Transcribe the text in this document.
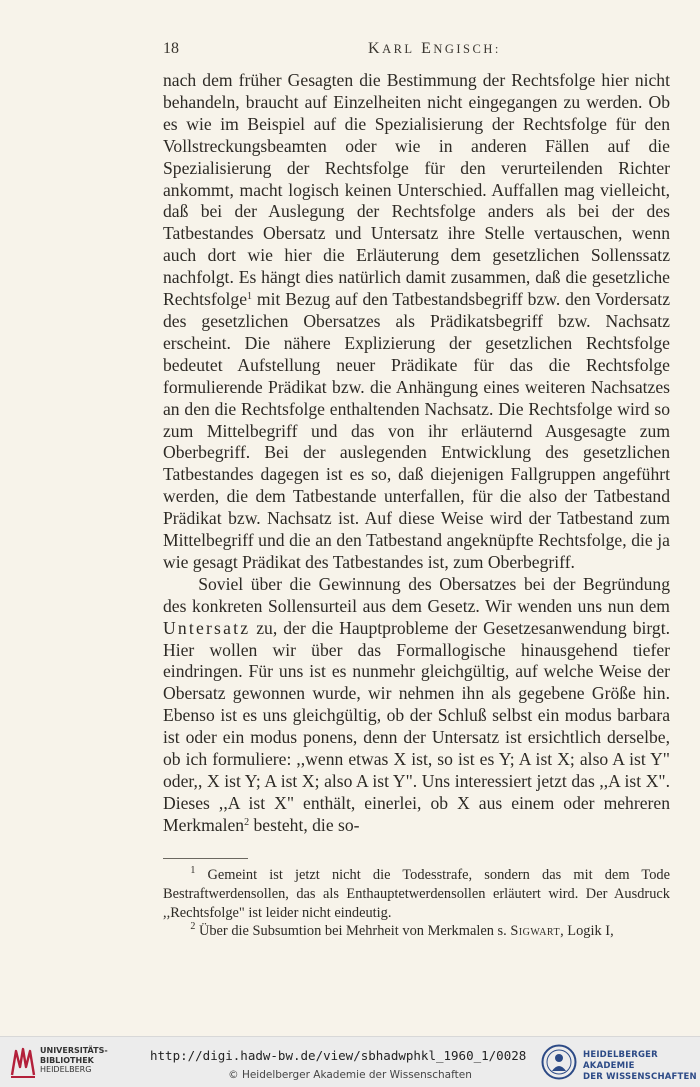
18	KARL ENGISCH:

nach dem früher Gesagten die Bestimmung der Rechtsfolge hier nicht behandeln, braucht auf Einzelheiten nicht eingegangen zu werden. Ob es wie im Beispiel auf die Spezialisierung der Rechtsfolge für den Vollstreckungsbeamten oder wie in anderen Fällen auf die Spezialisierung der Rechtsfolge für den verurteilenden Richter ankommt, macht logisch keinen Unterschied. Auffallen mag vielleicht, daß bei der Auslegung der Rechtsfolge anders als bei der des Tatbestandes Obersatz und Untersatz ihre Stelle vertauschen, wenn auch dort wie hier die Erläuterung dem gesetzlichen Sollenssatz nachfolgt. Es hängt dies natürlich damit zusammen, daß die gesetzliche Rechtsfolge$^1$ mit Bezug auf den Tatbestandsbegriff bzw. den Vordersatz des gesetzlichen Obersatzes als Prädikatsbegriff bzw. Nachsatz erscheint. Die nähere Explizierung der gesetzlichen Rechtsfolge bedeutet Aufstellung neuer Prädikate für das die Rechtsfolge formulierende Prädikat bzw. die Anhängung eines weiteren Nachsatzes an den die Rechtsfolge enthaltenden Nachsatz. Die Rechtsfolge wird so zum Mittelbegriff und das von ihr erläuternd Ausgesagte zum Oberbegriff. Bei der auslegenden Entwicklung des gesetzlichen Tatbestandes dagegen ist es so, daß diejenigen Fallgruppen angeführt werden, die dem Tatbestande unterfallen, für die also der Tatbestand Prädikat bzw. Nachsatz ist. Auf diese Weise wird der Tatbestand zum Mittelbegriff und die an den Tatbestand angeknüpfte Rechtsfolge, die ja wie gesagt Prädikat des Tatbestandes ist, zum Oberbegriff.

Soviel über die Gewinnung des Obersatzes bei der Begründung des konkreten Sollensurteil aus dem Gesetz. Wir wenden uns nun dem Untersatz zu, der die Hauptprobleme der Gesetzesanwendung birgt. Hier wollen wir über das Formallogische hinausgehend tiefer eindringen. Für uns ist es nunmehr gleichgültig, auf welche Weise der Obersatz gewonnen wurde, wir nehmen ihn als gegebene Größe hin. Ebenso ist es uns gleichgültig, ob der Schluß selbst ein modus barbara ist oder ein modus ponens, denn der Untersatz ist ersichtlich derselbe, ob ich formuliere: ,,wenn etwas X ist, so ist es Y; A ist X; also A ist Y" oder,, X ist Y; A ist X; also A ist Y". Uns interessiert jetzt das ,,A ist X". Dieses ,,A ist X" enthält, einerlei, ob X aus einem oder mehreren Merkmalen$^2$ besteht, die so-

$^1$ Gemeint ist jetzt nicht die Todesstrafe, sondern das mit dem Tode Bestraftwerdensollen, das als Enthauptetwerdensollen erläutert wird. Der Ausdruck ,,Rechtsfolge" ist leider nicht eindeutig.

$^2$ Über die Subsumtion bei Mehrheit von Merkmalen s. Sigwart, Logik I,

UNIVERSITÄTS-
BIBLIOTHEK
HEIDELBERG
http://digi.hadw-bw.de/view/sbhadwphkl_1960_1/0028
© Heidelberger Akademie der Wissenschaften
HEIDELBERGER AKADEMIE
DER WISSENSCHAFTEN
